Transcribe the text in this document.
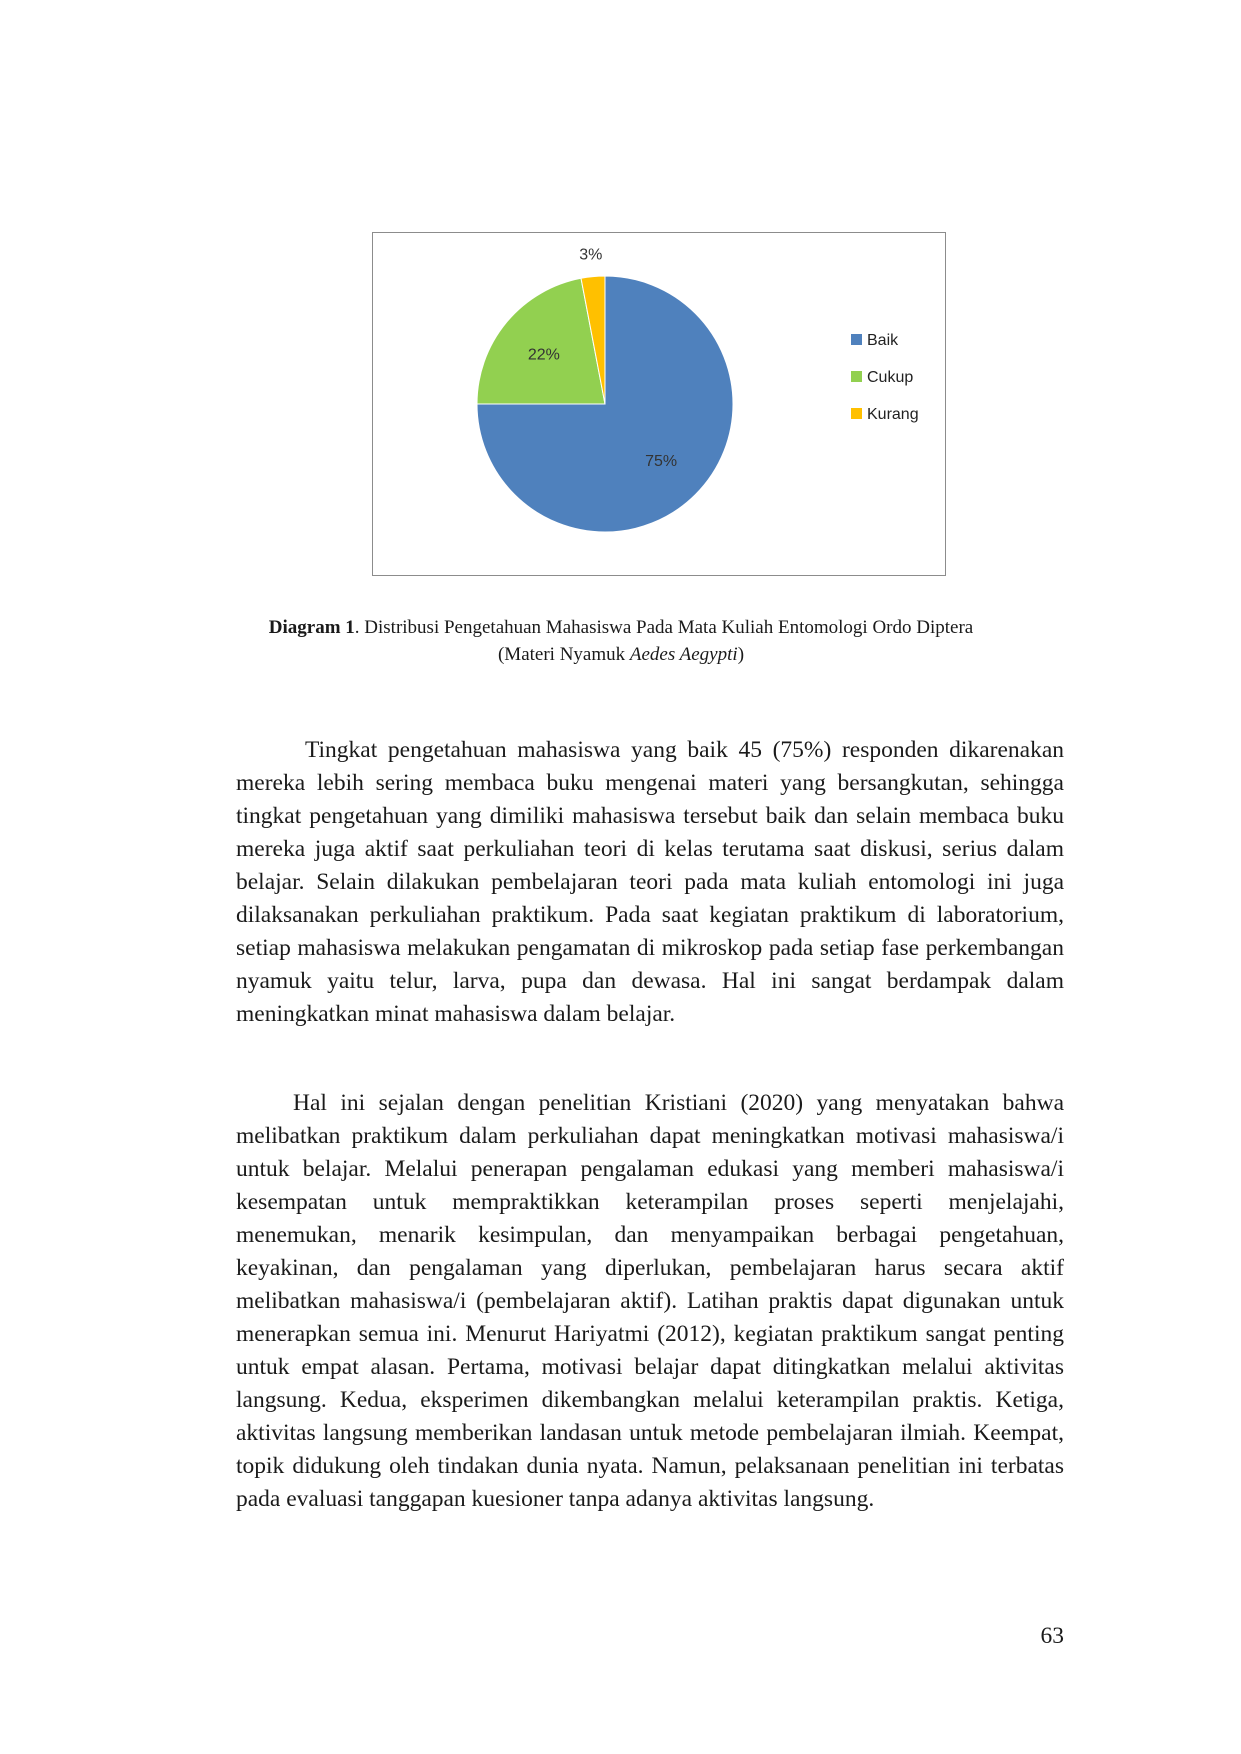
75%
22%
3%
Baik
Cukup
Kurang
Diagram 1. Distribusi Pengetahuan Mahasiswa Pada Mata Kuliah Entomologi Ordo Diptera
(Materi Nyamuk Aedes Aegypti)

Tingkat pengetahuan mahasiswa yang baik 45 (75%) responden dikarenakan mereka lebih sering membaca buku mengenai materi yang bersangkutan, sehingga tingkat pengetahuan yang dimiliki mahasiswa tersebut baik dan selain membaca buku mereka juga aktif saat perkuliahan teori di kelas terutama saat diskusi, serius dalam belajar. Selain dilakukan pembelajaran teori pada mata kuliah entomologi ini juga dilaksanakan perkuliahan praktikum. Pada saat kegiatan praktikum di laboratorium, setiap mahasiswa melakukan pengamatan di mikroskop pada setiap fase perkembangan nyamuk yaitu telur, larva, pupa dan dewasa. Hal ini sangat berdampak dalam meningkatkan minat mahasiswa dalam belajar.

Hal ini sejalan dengan penelitian Kristiani (2020) yang menyatakan bahwa melibatkan praktikum dalam perkuliahan dapat meningkatkan motivasi mahasiswa/i untuk belajar. Melalui penerapan pengalaman edukasi yang memberi mahasiswa/i kesempatan untuk mempraktikkan keterampilan proses seperti menjelajahi, menemukan, menarik kesimpulan, dan menyampaikan berbagai pengetahuan, keyakinan, dan pengalaman yang diperlukan, pembelajaran harus secara aktif melibatkan mahasiswa/i (pembelajaran aktif). Latihan praktis dapat digunakan untuk menerapkan semua ini. Menurut Hariyatmi (2012), kegiatan praktikum sangat penting untuk empat alasan. Pertama, motivasi belajar dapat ditingkatkan melalui aktivitas langsung. Kedua, eksperimen dikembangkan melalui keterampilan praktis. Ketiga, aktivitas langsung memberikan landasan untuk metode pembelajaran ilmiah. Keempat, topik didukung oleh tindakan dunia nyata. Namun, pelaksanaan penelitian ini terbatas pada evaluasi tanggapan kuesioner tanpa adanya aktivitas langsung.

63
